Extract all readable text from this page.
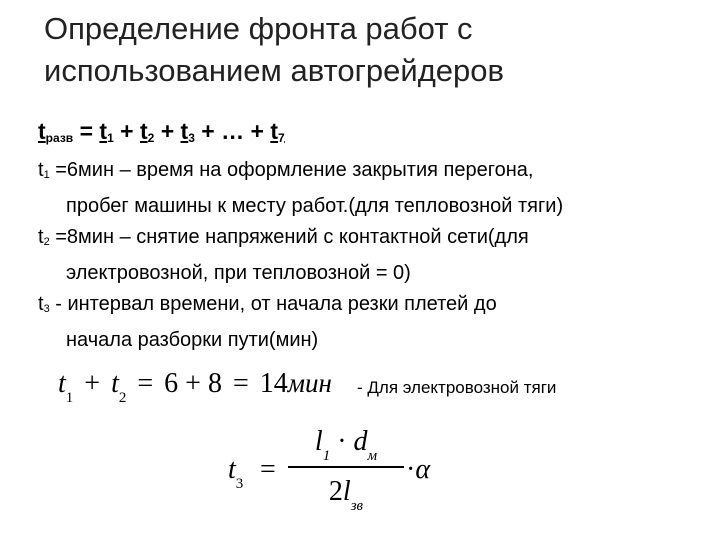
Определение фронта работ с
использованием автогрейдеров
$t_{разв} = t_1 + t_2 + t_3$ + … + $t_7$

$t_1 =6мин$ – время на оформление закрытия перегона,
пробег машины к месту работ.(для тепловозной тяги)

$t_2 =8мин$ – снятие напряжений с контактной сети(для
электровозной, при тепловозной = 0)

$t_3$ - интервал времени, от начала резки плетей до
начала разборки пути(мин)

$t_1 + t_2 = 6 + 8 = 14мин$ - Для электровозной тяги
$t_3$ =
$l_1 \cdot d_м$
$2l_{зв}$
·α
